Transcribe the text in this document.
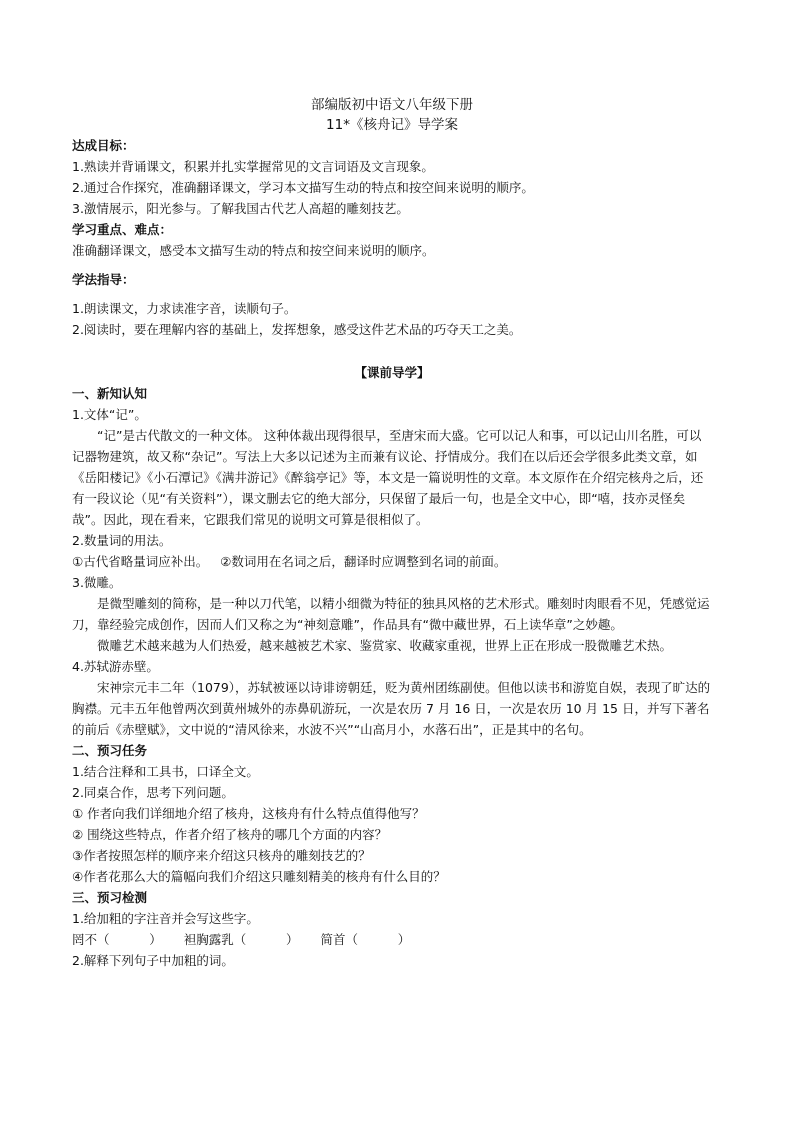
部编版初中语文八年级下册
11*《核舟记》导学案

达成目标：

1.熟读并背诵课文，积累并扎实掌握常见的文言词语及文言现象。

2.通过合作探究，准确翻译课文，学习本文描写生动的特点和按空间来说明的顺序。

3.激情展示，阳光参与。了解我国古代艺人高超的雕刻技艺。

学习重点、难点：

准确翻译课文，感受本文描写生动的特点和按空间来说明的顺序。

学法指导：

1.朗读课文，力求读准字音，读顺句子。

2.阅读时，要在理解内容的基础上，发挥想象，感受这件艺术品的巧夺天工之美。

【课前导学】

一、新知认知

1.文体“记”。

“记”是古代散文的一种文体。 这种体裁出现得很早，至唐宋而大盛。它可以记人和事，可以记山川名胜，可以记器物建筑，故又称“杂记”。写法上大多以记述为主而兼有议论、抒情成分。我们在以后还会学很多此类文章，如《岳阳楼记》《小石潭记》《满井游记》《醉翁亭记》等，本文是一篇说明性的文章。本文原作在介绍完核舟之后，还有一段议论（见“有关资料”），课文删去它的绝大部分，只保留了最后一句，也是全文中心，即“嘻，技亦灵怪矣哉”。因此，现在看来，它跟我们常见的说明文可算是很相似了。

2.数量词的用法。

①古代省略量词应补出。   ②数词用在名词之后，翻译时应调整到名词的前面。

3.微雕。

是微型雕刻的简称，是一种以刀代笔，以精小细微为特征的独具风格的艺术形式。雕刻时肉眼看不见，凭感觉运刀，靠经验完成创作，因而人们又称之为“神刻意雕”，作品具有“微中藏世界，石上读华章”之妙趣。

微雕艺术越来越为人们热爱，越来越被艺术家、鉴赏家、收藏家重视，世界上正在形成一股微雕艺术热。

4.苏轼游赤壁。

宋神宗元丰二年（1079），苏轼被诬以诗诽谤朝廷，贬为黄州团练副使。但他以读书和游览自娱，表现了旷达的胸襟。元丰五年他曾两次到黄州城外的赤鼻矶游玩，一次是农历 7 月 16 日，一次是农历 10 月 15 日，并写下著名的前后《赤壁赋》，文中说的“清风徐来，水波不兴”“山高月小，水落石出”，正是其中的名句。

二、预习任务

1.结合注释和工具书，口译全文。

2.同桌合作，思考下列问题。

① 作者向我们详细地介绍了核舟，这核舟有什么特点值得他写？

② 围绕这些特点，作者介绍了核舟的哪几个方面的内容？

③作者按照怎样的顺序来介绍这只核舟的雕刻技艺的？

④作者花那么大的篇幅向我们介绍这只雕刻精美的核舟有什么目的？

三、预习检测

1.给加粗的字注音并会写这些字。

罔不（          ） 袒胸露乳（          ） 简首（          ）

2.解释下列句子中加粗的词。
